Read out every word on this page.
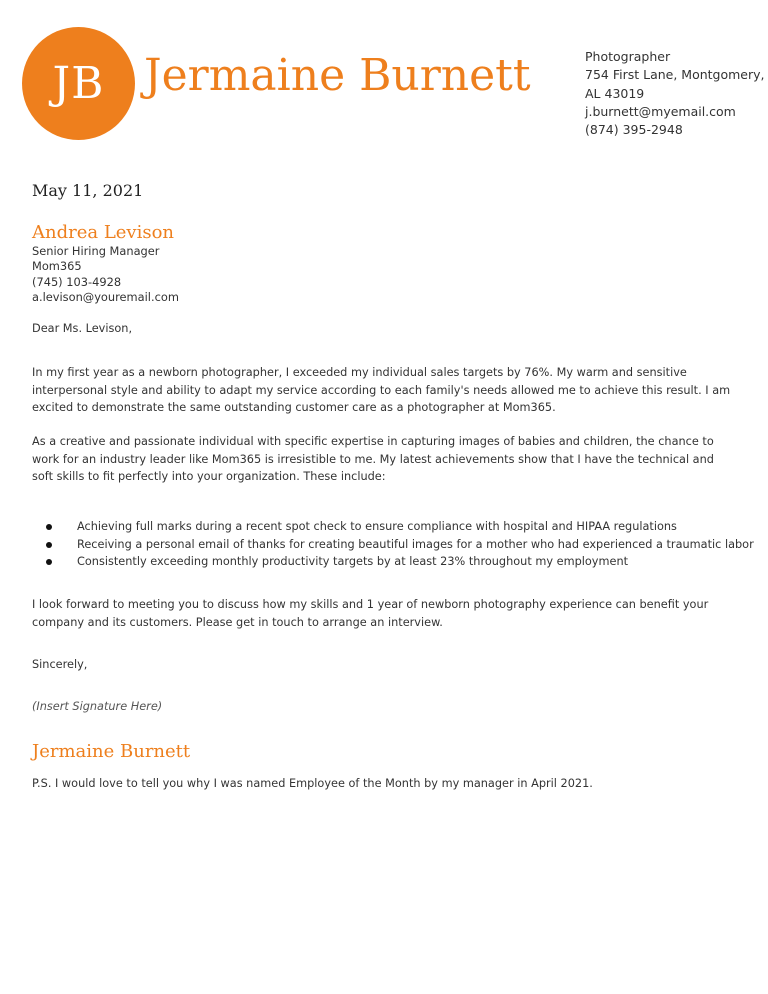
JB Jermaine Burnett	Photographer
754 First Lane, Montgomery,
AL 43019
j.burnett@myemail.com
(874) 395-2948
May 11, 2021
Andrea Levison
Senior Hiring Manager
Mom365
(745) 103-4928
a.levison@youremail.com

Dear Ms. Levison,

In my first year as a newborn photographer, I exceeded my individual sales targets by 76%. My warm and sensitive interpersonal style and ability to adapt my service according to each family's needs allowed me to achieve this result. I am excited to demonstrate the same outstanding customer care as a photographer at Mom365.

As a creative and passionate individual with specific expertise in capturing images of babies and children, the chance to work for an industry leader like Mom365 is irresistible to me. My latest achievements show that I have the technical and soft skills to fit perfectly into your organization. These include:

Achieving full marks during a recent spot check to ensure compliance with hospital and HIPAA regulations
Receiving a personal email of thanks for creating beautiful images for a mother who had experienced a traumatic labor
Consistently exceeding monthly productivity targets by at least 23% throughout my employment

I look forward to meeting you to discuss how my skills and 1 year of newborn photography experience can benefit your company and its customers. Please get in touch to arrange an interview.

Sincerely,

(Insert Signature Here)
Jermaine Burnett

P.S. I would love to tell you why I was named Employee of the Month by my manager in April 2021.
